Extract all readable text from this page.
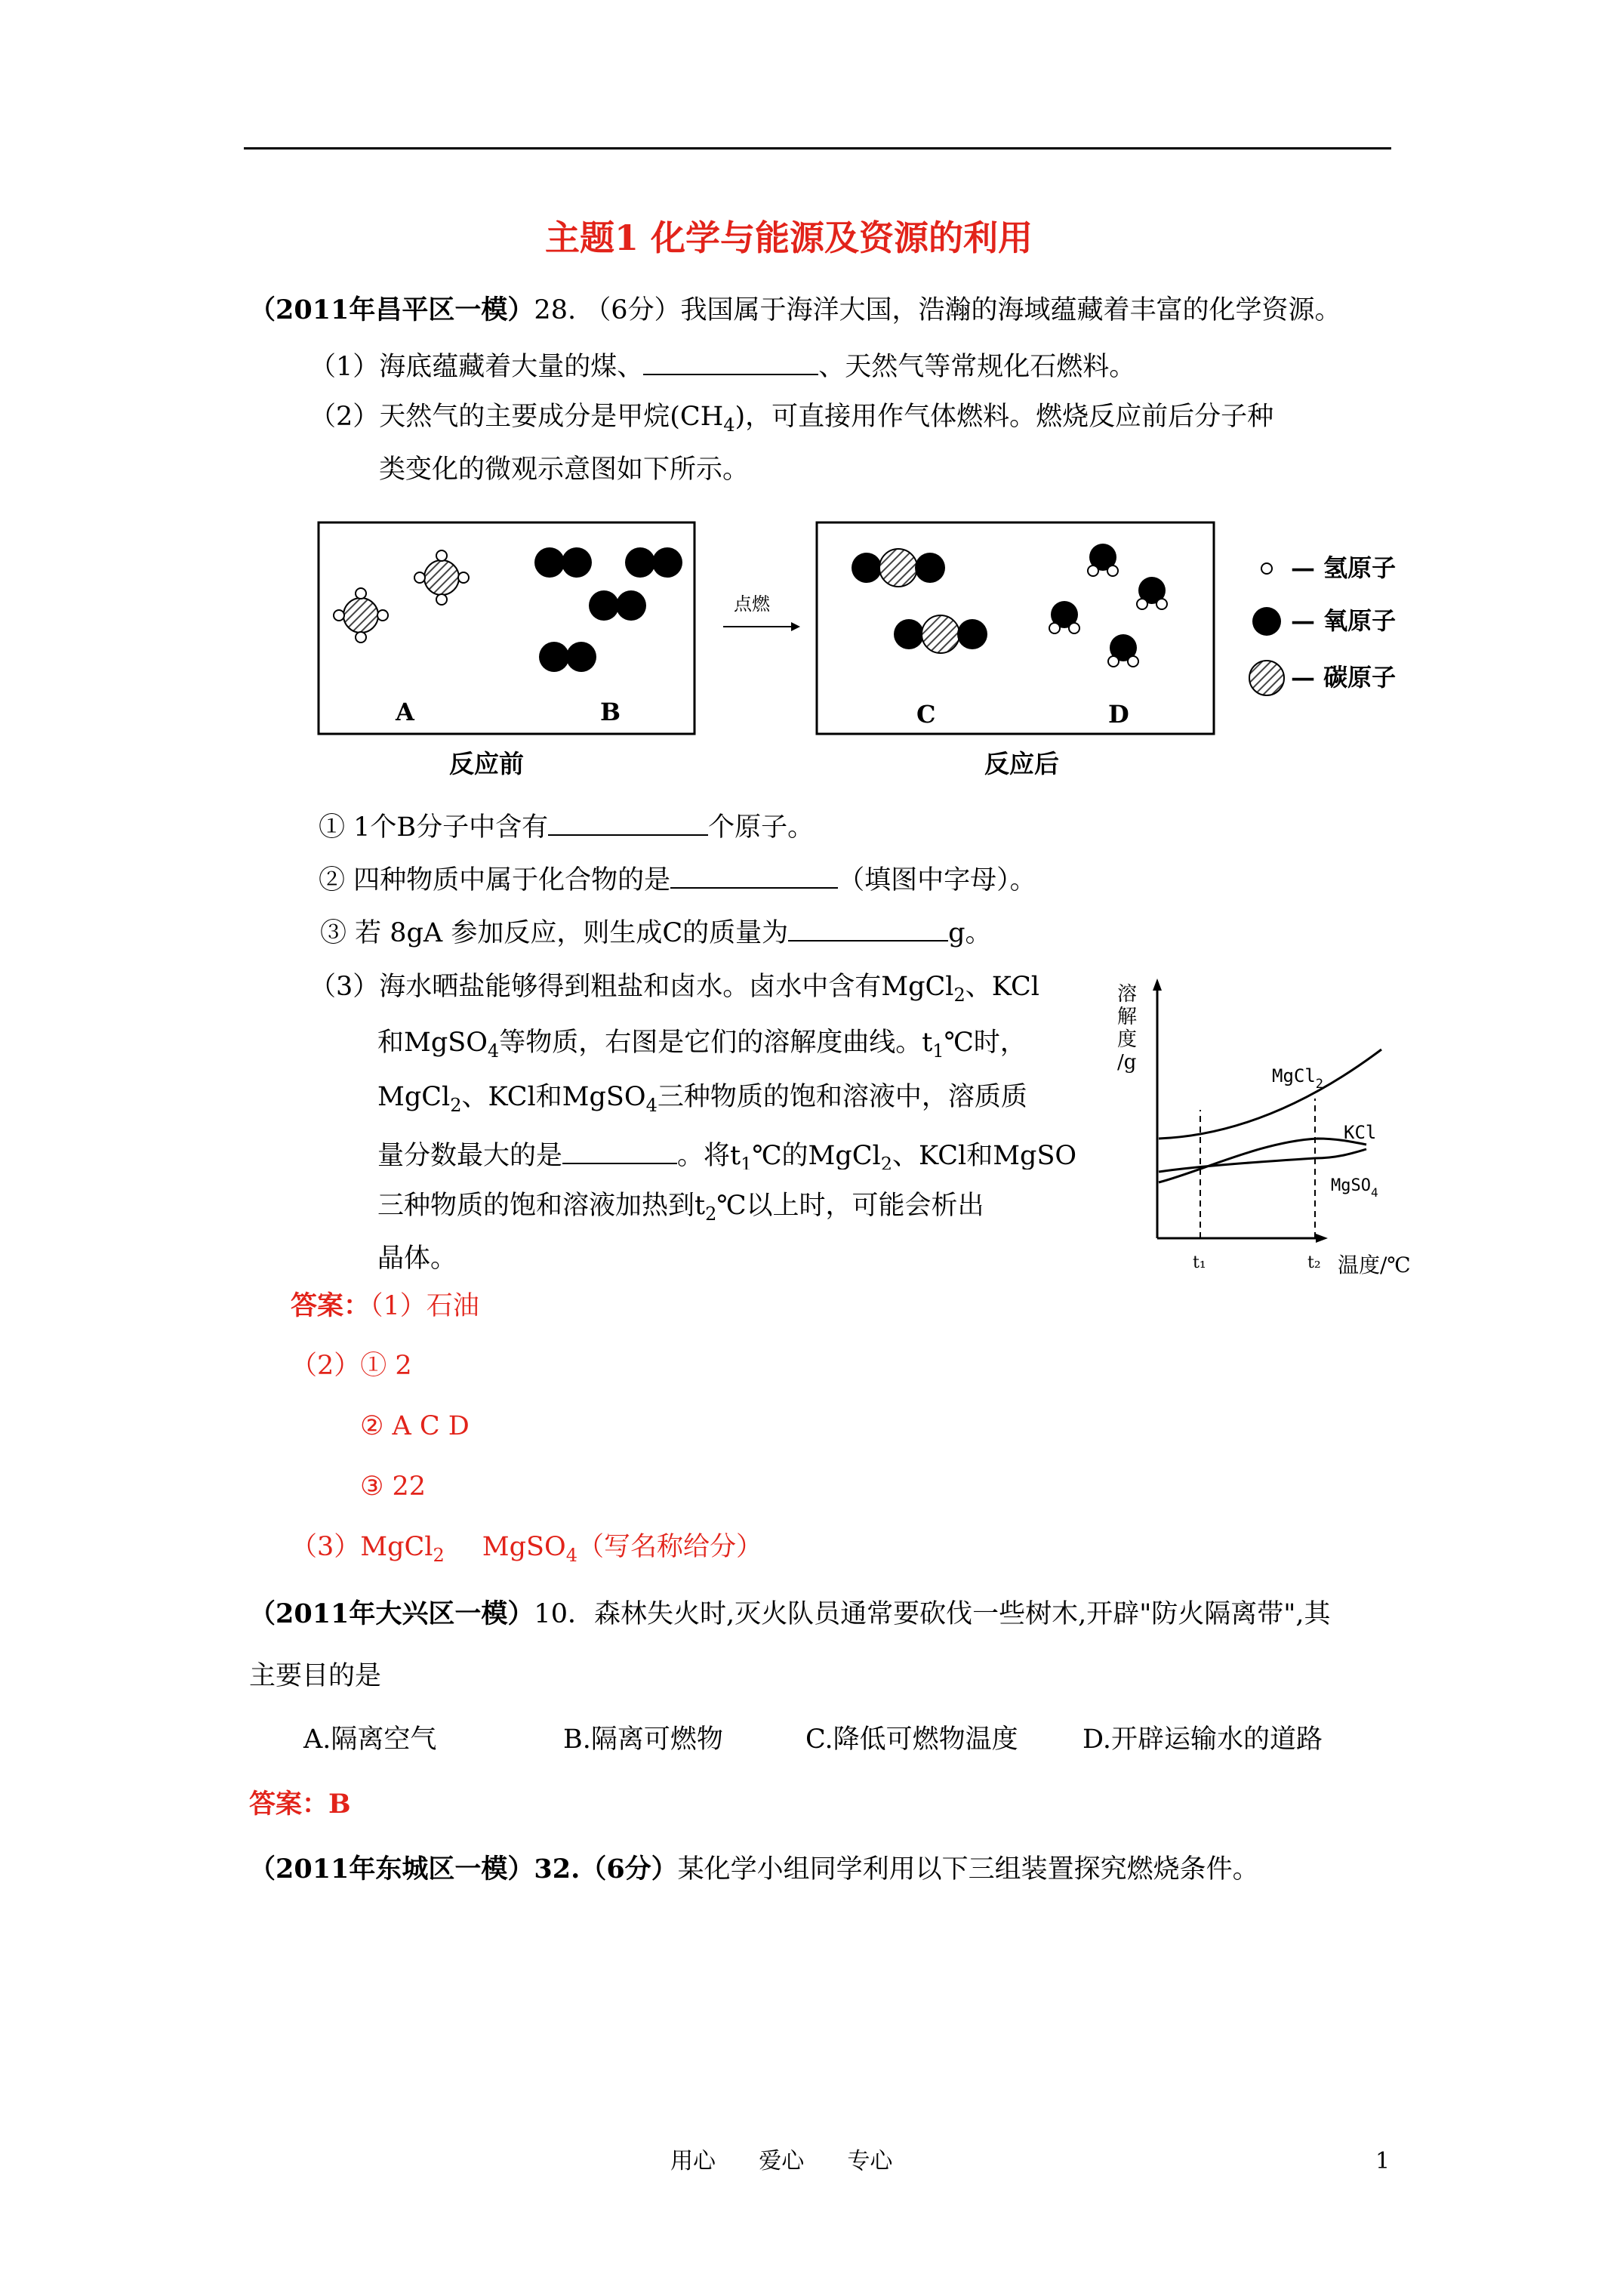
主题1 化学与能源及资源的利用
（2011年昌平区一模）28. （6分）我国属于海洋大国，浩瀚的海域蕴藏着丰富的化学资源。
（1）海底蕴藏着大量的煤、	、天然气等常规化石燃料。
（2）天然气的主要成分是甲烷$(CH_4)$，可直接用作气体燃料。燃烧反应前后分子种
类变化的微观示意图如下所示。
点燃
A	B	C	D
反应前	反应后
— 氢原子
— 氧原子
— 碳原子
① 1个B分子中含有	个原子。
② 四种物质中属于化合物的是	（填图中字母）。
③ 若 8gA 参加反应，则生成C的质量为	g。
（3）海水晒盐能够得到粗盐和卤水。卤水中含有MgCl$_2$、KCl
和MgSO$_4$等物质，右图是它们的溶解度曲线。$t_1℃$时，
MgCl$_2$、KCl和MgSO$_4$三种物质的饱和溶液中，溶质质
量分数最大的是	。将$t_1℃$的MgCl$_2$、KCl和MgSO
三种物质的饱和溶液加热到$t_2℃$以上时，可能会析出
晶体。
溶
解
度
/g
MgCl$_2$
KCl
MgSO$_4$
t₁	t₂ 温度/℃
答案：（1）石油
（2）① 2
② A C D
③ 22
（3）MgCl$_2$ MgSO$_4$（写名称给分）
（2011年大兴区一模）10．森林失火时,灭火队员通常要砍伐一些树木,开辟"防火隔离带",其
主要目的是
A.隔离空气	B.隔离可燃物	C.降低可燃物温度 D.开辟运输水的道路
答案：B
（2011年东城区一模）32.（6分）某化学小组同学利用以下三组装置探究燃烧条件。
用心      爱心      专心	1
